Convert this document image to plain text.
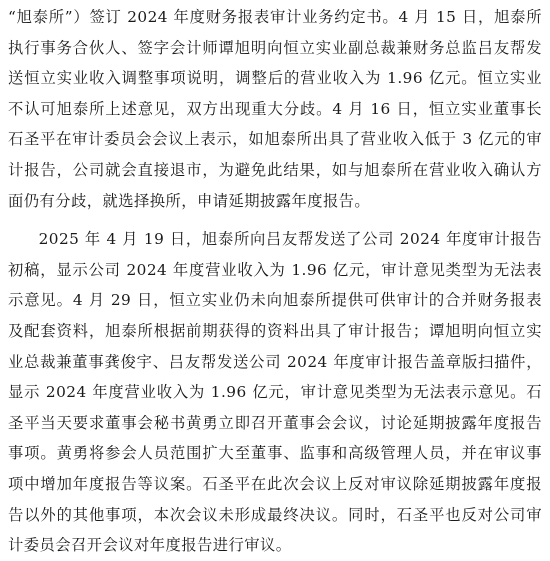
“旭泰所”）签订 2024 年度财务报表审计业务约定书。4 月 15 日，旭泰所执行事务合伙人、签字会计师谭旭明向恒立实业副总裁兼财务总监吕友帮发送恒立实业收入调整事项说明，调整后的营业收入为 1.96 亿元。恒立实业不认可旭泰所上述意见，双方出现重大分歧。4 月 16 日，恒立实业董事长石圣平在审计委员会会议上表示，如旭泰所出具了营业收入低于 3 亿元的审计报告，公司就会直接退市，为避免此结果，如与旭泰所在营业收入确认方面仍有分歧，就选择换所，申请延期披露年度报告。

2025 年 4 月 19 日，旭泰所向吕友帮发送了公司 2024 年度审计报告初稿，显示公司 2024 年度营业收入为 1.96 亿元，审计意见类型为无法表示意见。4 月 29 日，恒立实业仍未向旭泰所提供可供审计的合并财务报表及配套资料，旭泰所根据前期获得的资料出具了审计报告；谭旭明向恒立实业总裁兼董事龚俊宇、吕友帮发送公司 2024 年度审计报告盖章版扫描件，显示 2024 年度营业收入为 1.96 亿元，审计意见类型为无法表示意见。石圣平当天要求董事会秘书黄勇立即召开董事会会议，讨论延期披露年度报告事项。黄勇将参会人员范围扩大至董事、监事和高级管理人员，并在审议事项中增加年度报告等议案。石圣平在此次会议上反对审议除延期披露年度报告以外的其他事项，本次会议未形成最终决议。同时，石圣平也反对公司审计委员会召开会议对年度报告进行审议。
